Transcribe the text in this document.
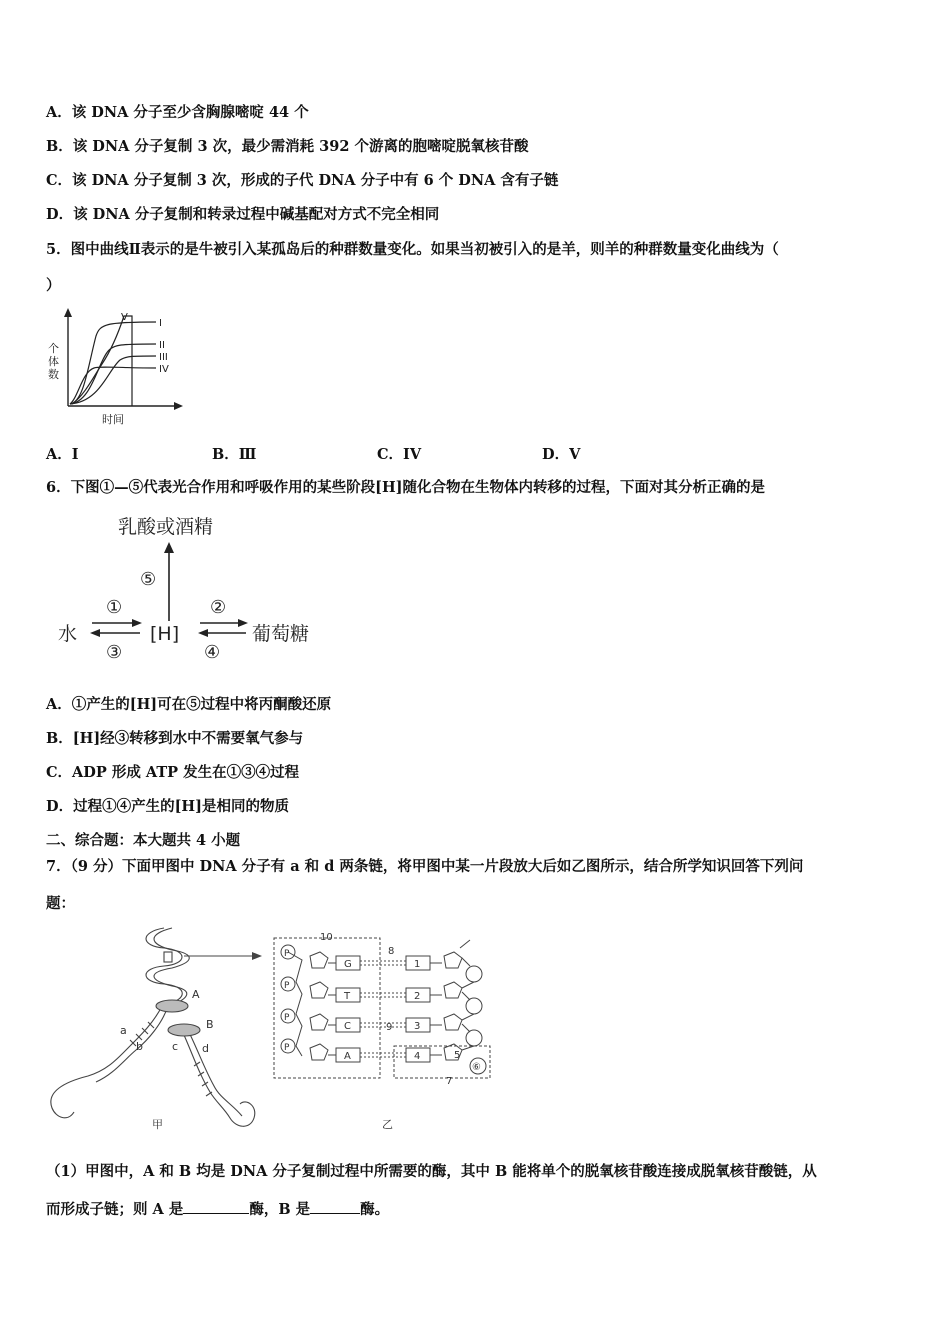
A．该 DNA 分子至少含胸腺嘧啶 44 个
B．该 DNA 分子复制 3 次，最少需消耗 392 个游离的胞嘧啶脱氧核苷酸
C．该 DNA 分子复制 3 次，形成的子代 DNA 分子中有 6 个 DNA 含有子链
D．该 DNA 分子复制和转录过程中碱基配对方式不完全相同
5．图中曲线Ⅱ表示的是牛被引入某孤岛后的种群数量变化。如果当初被引入的是羊，则羊的种群数量变化曲线为（
）
个
体
数
时间
V
I
II
III
IV
A．I	B．Ⅲ	C．IV	D．V
6．下图①—⑤代表光合作用和呼吸作用的某些阶段[H]随化合物在生物体内转移的过程，下面对其分析正确的是
乳酸或酒精
⑤
水
①
③
[H]
②
④
葡萄糖
A．①产生的[H]可在⑤过程中将丙酮酸还原
B．[H]经③转移到水中不需要氧气参与
C．ADP 形成 ATP 发生在①③④过程
D．过程①④产生的[H]是相同的物质
二、综合题：本大题共 4 小题
7．（9 分）下面甲图中 DNA 分子有 a 和 d 两条链，将甲图中某一片段放大后如乙图所示，结合所学知识回答下列问
题：
A
B
a
b	c d
甲	乙
P
P
P
P
G
T
C
A
1
2
3
4	5
⑥
7
8
9
10
（1）甲图中，A 和 B 均是 DNA 分子复制过程中所需要的酶，其中 B 能将单个的脱氧核苷酸连接成脱氧核苷酸链，从
而形成子链；则 A 是	酶，B 是	酶。
